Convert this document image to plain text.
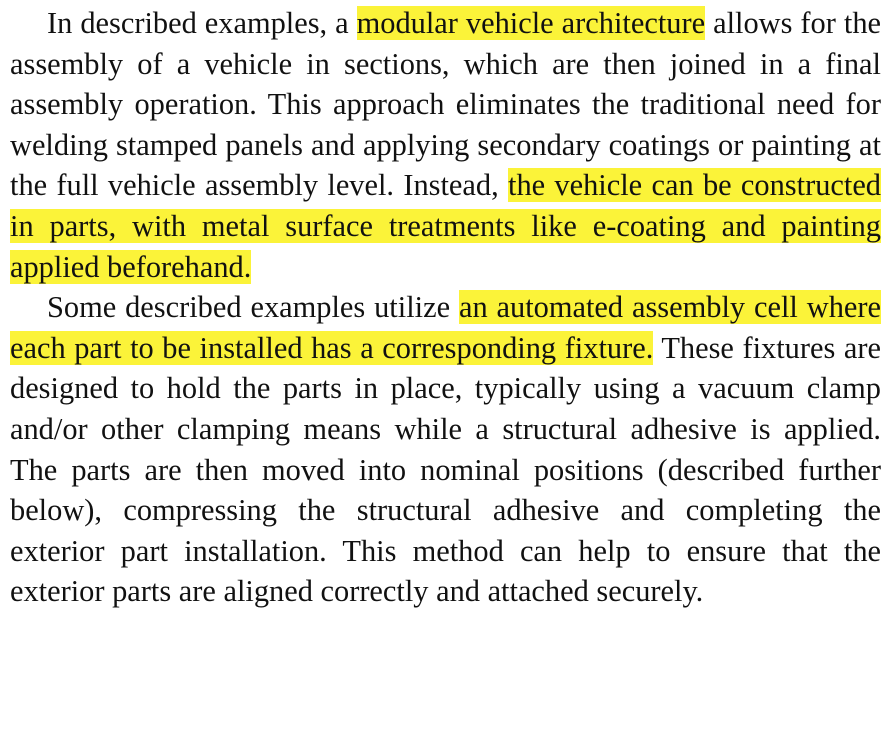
In described examples, a modular vehicle architecture allows for the assembly of a vehicle in sections, which are then joined in a final assembly operation. This approach eliminates the traditional need for welding stamped panels and applying secondary coatings or painting at the full vehicle assembly level. Instead, the vehicle can be constructed in parts, with metal surface treatments like e-coating and painting applied beforehand.

Some described examples utilize an automated assembly cell where each part to be installed has a corresponding fixture. These fixtures are designed to hold the parts in place, typically using a vacuum clamp and/or other clamping means while a structural adhesive is applied. The parts are then moved into nominal positions (described further below), compressing the structural adhesive and completing the exterior part installation. This method can help to ensure that the exterior parts are aligned correctly and attached securely.
